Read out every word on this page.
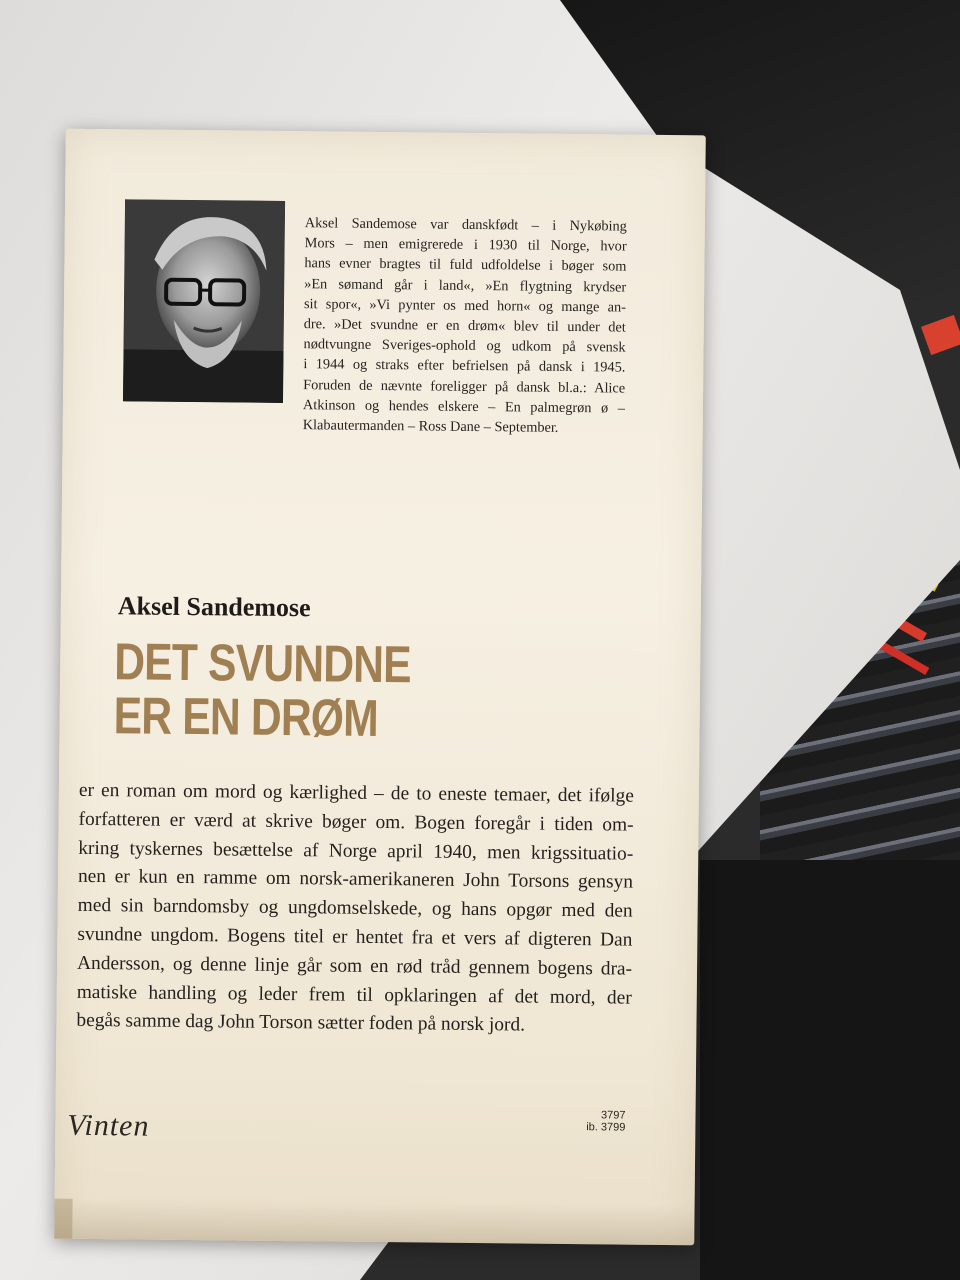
Aksel Sandemose var danskfødt – i Nykøbing
Mors – men emigrerede i 1930 til Norge, hvor
hans evner bragtes til fuld udfoldelse i bøger som
»En sømand går i land«, »En flygtning krydser
sit spor«, »Vi pynter os med horn« og mange an-
dre. »Det svundne er en drøm« blev til under det
nødtvungne Sveriges-ophold og udkom på svensk
i 1944 og straks efter befrielsen på dansk i 1945.
Foruden de nævnte foreligger på dansk bl.a.: Alice
Atkinson og hendes elskere – En palmegrøn ø –
Klabautermanden – Ross Dane – September.
Aksel Sandemose
DET SVUNDNE
ER EN DRØM
er en roman om mord og kærlighed – de to eneste temaer, det ifølge
forfatteren er værd at skrive bøger om. Bogen foregår i tiden om-
kring tyskernes besættelse af Norge april 1940, men krigssituatio-
nen er kun en ramme om norsk-amerikaneren John Torsons gensyn
med sin barndomsby og ungdomselskede, og hans opgør med den
svundne ungdom. Bogens titel er hentet fra et vers af digteren Dan
Andersson, og denne linje går som en rød tråd gennem bogens dra-
matiske handling og leder frem til opklaringen af det mord, der
begås samme dag John Torson sætter foden på norsk jord.
Vinten	3797
ib. 3799
